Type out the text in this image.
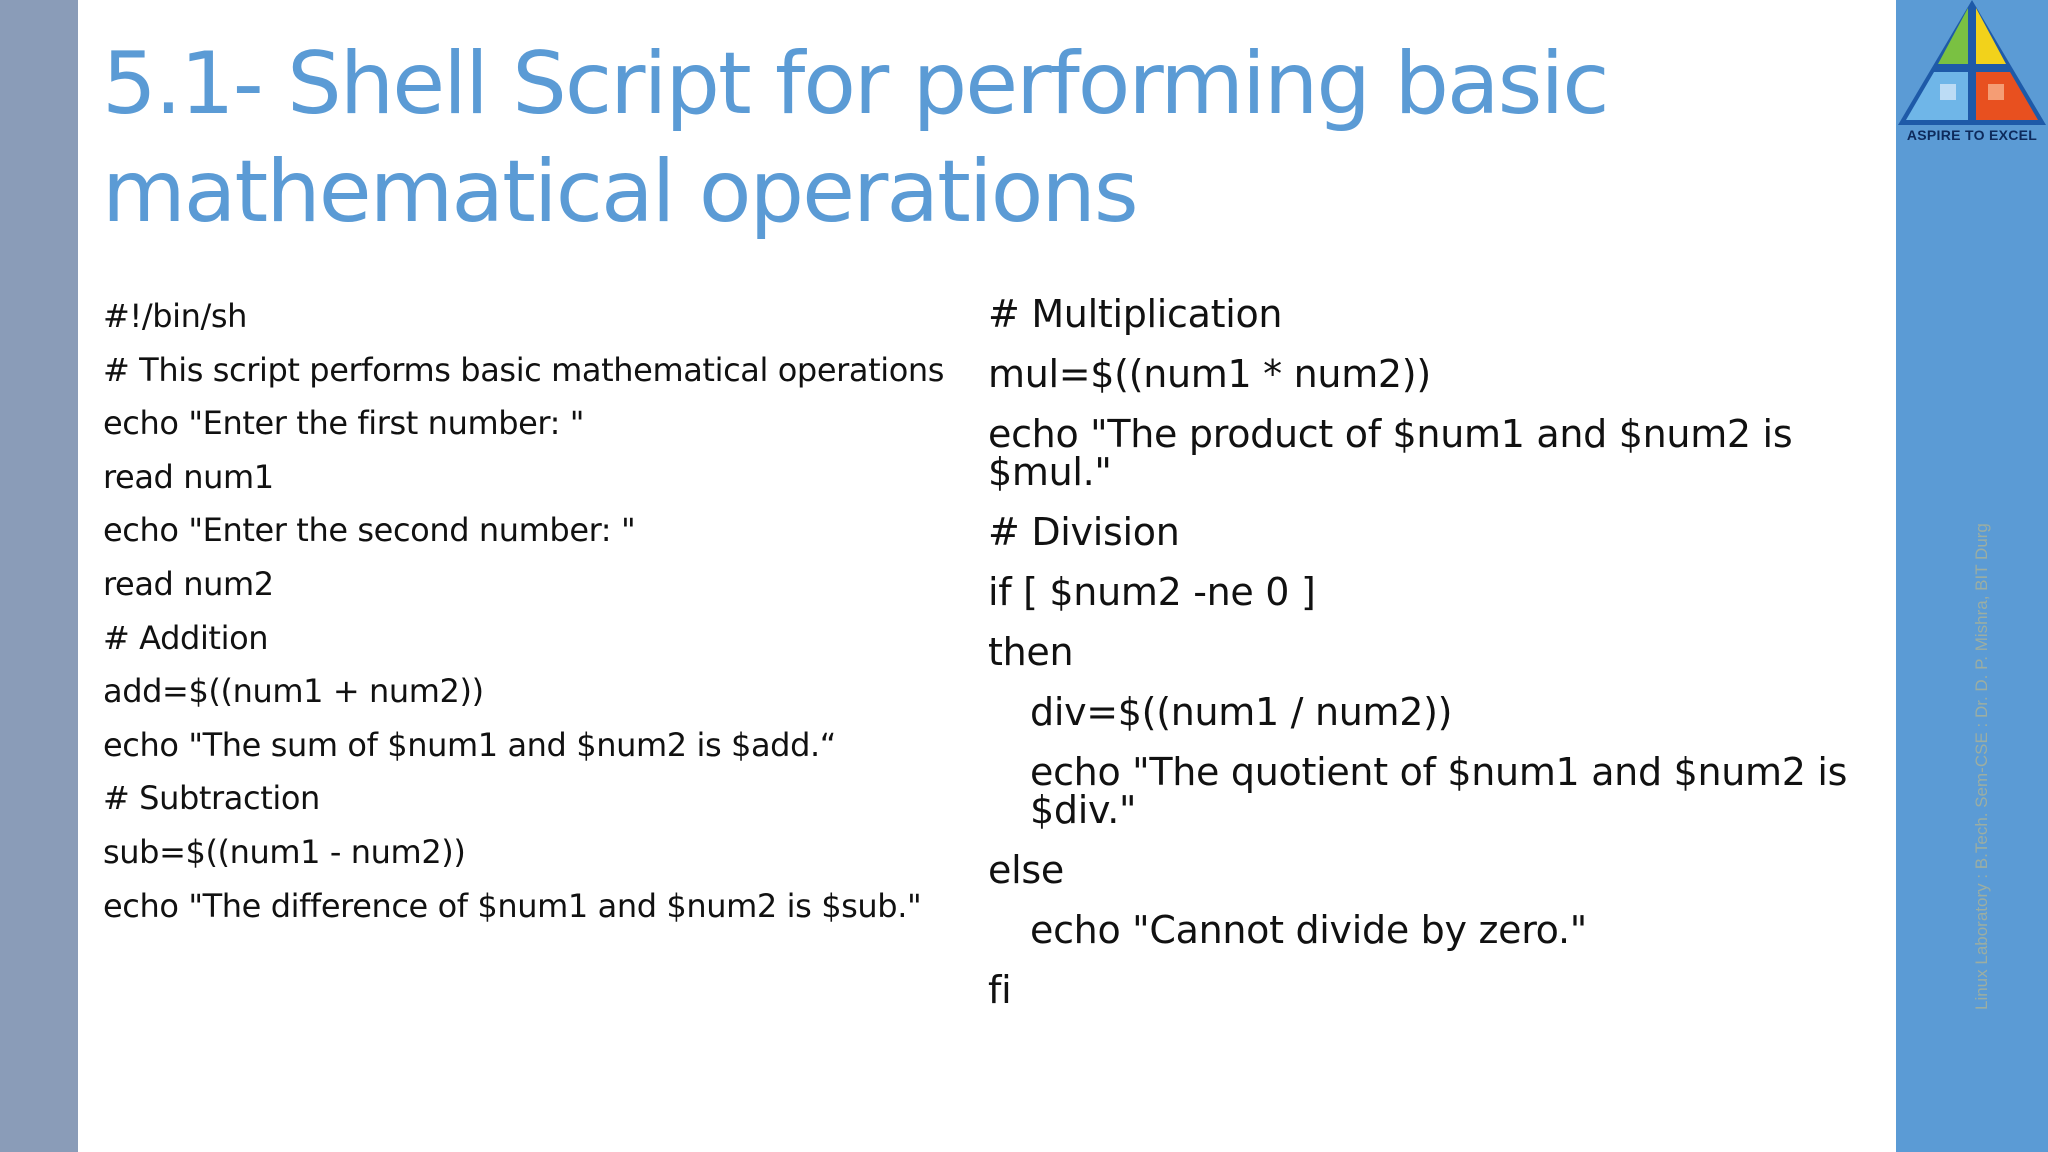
ASPIRE TO EXCEL
Linux Laboratory : B.Tech. Sem-CSE : Dr. D. P. Mishra, BIT Durg
5.1- Shell Script for performing basic mathematical operations
#!/bin/sh
# This script performs basic mathematical operations
echo "Enter the first number: "
read num1
echo "Enter the second number: "
read num2
# Addition
add=$((num1 + num2))
echo "The sum of $num1 and $num2 is $add.“
# Subtraction
sub=$((num1 - num2))
echo "The difference of $num1 and $num2 is $sub."
# Multiplication
mul=$((num1 * num2))
echo "The product of $num1 and $num2 is $mul."
# Division
if [ $num2 -ne 0 ]
then
div=$((num1 / num2))
echo "The quotient of $num1 and $num2 is $div."
else
echo "Cannot divide by zero."
fi
